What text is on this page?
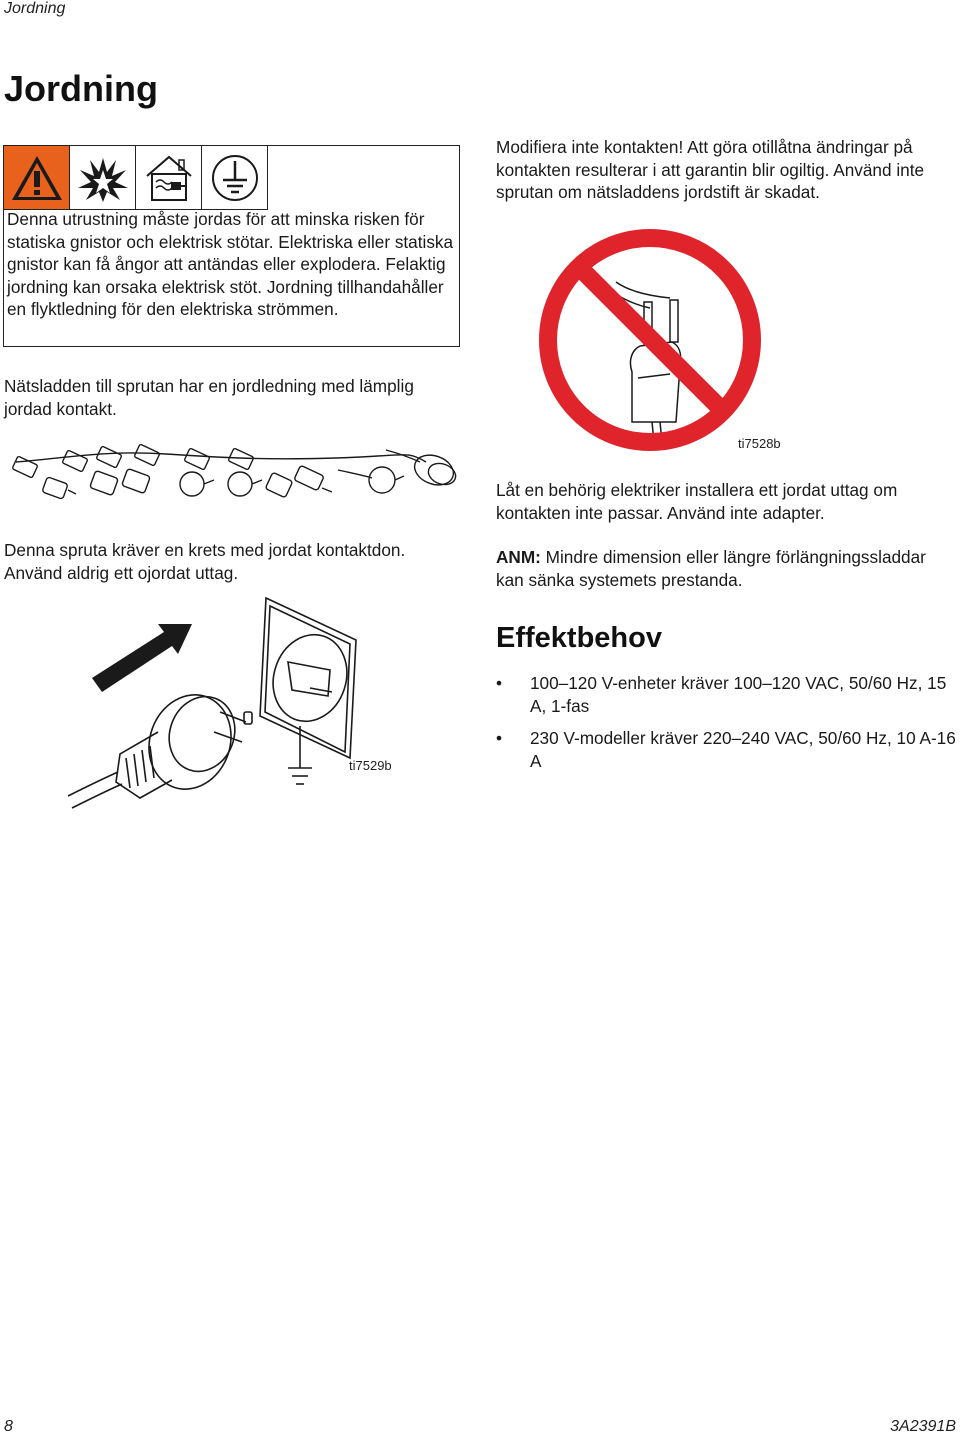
Jordning
Jordning
Denna utrustning måste jordas för att minska risken för statiska gnistor och elektrisk stötar. Elektriska eller statiska gnistor kan få ångor att antändas eller explodera. Felaktig jordning kan orsaka elektrisk stöt. Jordning tillhandahåller en flyktledning för den elektriska strömmen.
Nätsladden till sprutan har en jordledning med lämplig jordad kontakt.
Denna spruta kräver en krets med jordat kontaktdon. Använd aldrig ett ojordat uttag.
ti7529b
Modifiera inte kontakten! Att göra otillåtna ändringar på kontakten resulterar i att garantin blir ogiltig. Använd inte sprutan om nätsladdens jordstift är skadat.
ti7528b
Låt en behörig elektriker installera ett jordat uttag om kontakten inte passar. Använd inte adapter.
ANM: Mindre dimension eller längre förlängningssladdar kan sänka systemets prestanda.
Effektbehov
• 100–120 V-enheter kräver 100–120 VAC, 50/60 Hz, 15 A, 1-fas
• 230 V-modeller kräver 220–240 VAC, 50/60 Hz, 10 A-16 A
8	3A2391B
